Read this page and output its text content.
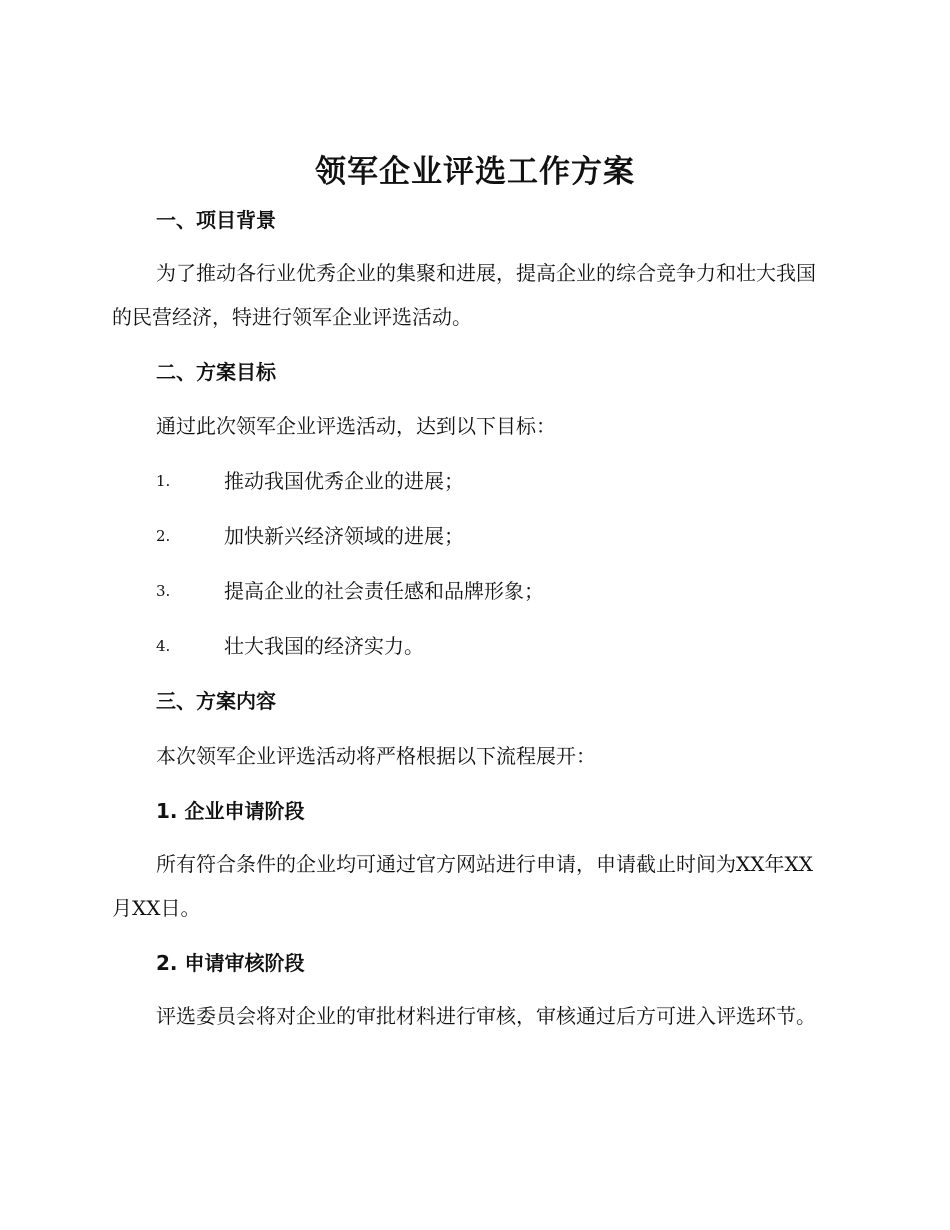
领军企业评选工作方案
一、项目背景
为了推动各行业优秀企业的集聚和进展，提高企业的综合竞争力和壮大我国的民营经济，特进行领军企业评选活动。
二、方案目标
通过此次领军企业评选活动，达到以下目标：
1.	推动我国优秀企业的进展；
2.	加快新兴经济领域的进展；
3.	提高企业的社会责任感和品牌形象；
4.	壮大我国的经济实力。
三、方案内容
本次领军企业评选活动将严格根据以下流程展开：
1. 企业申请阶段
所有符合条件的企业均可通过官方网站进行申请，申请截止时间为XX年XX月XX日。
2. 申请审核阶段
评选委员会将对企业的审批材料进行审核，审核通过后方可进入评选环节。
